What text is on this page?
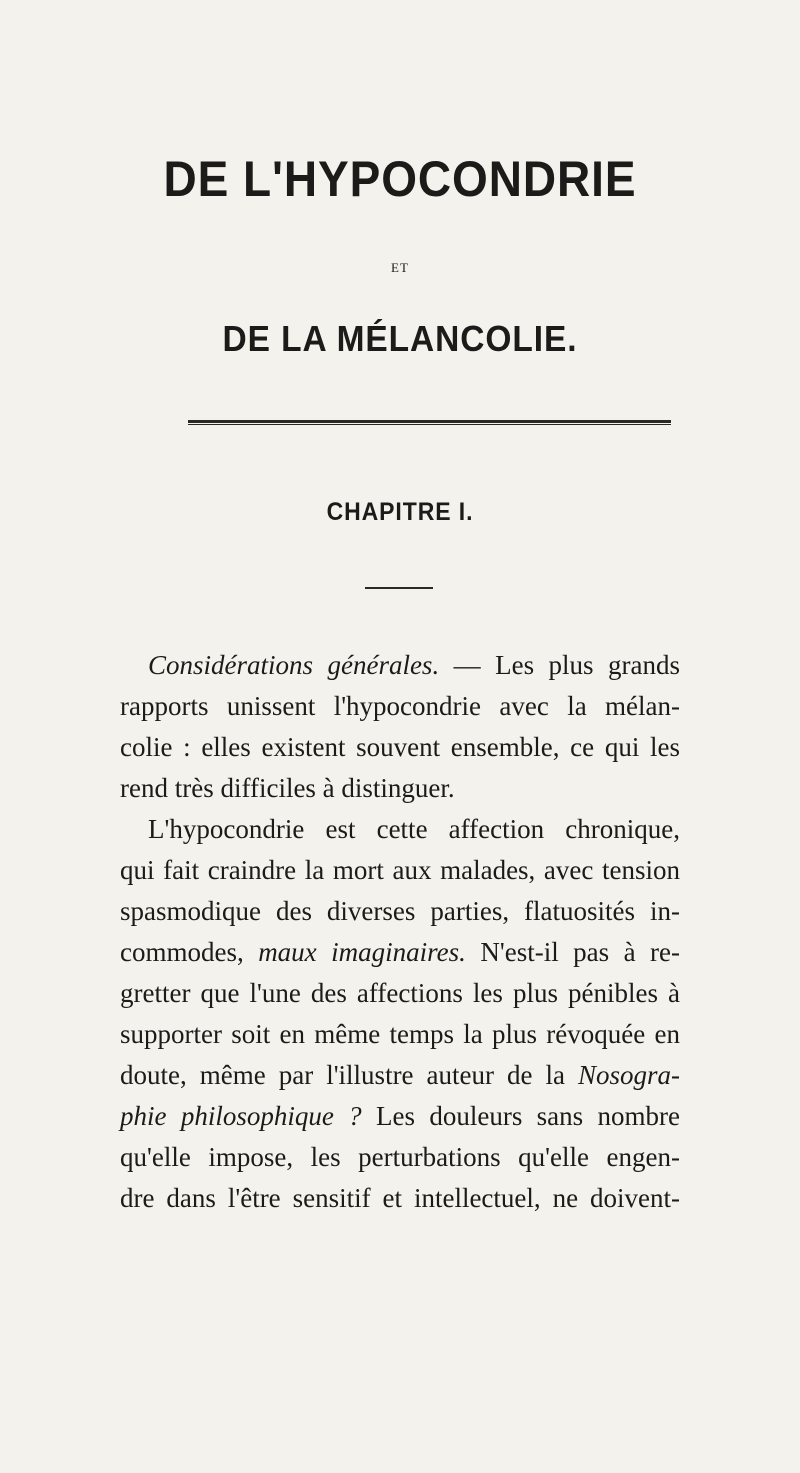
DE L'HYPOCONDRIE
ET
DE LA MÉLANCOLIE.
CHAPITRE I.
Considérations générales. — Les plus grands
rapports unissent l'hypocondrie avec la mélan-
colie : elles existent souvent ensemble, ce qui les
rend très difficiles à distinguer.
L'hypocondrie est cette affection chronique,
qui fait craindre la mort aux malades, avec tension
spasmodique des diverses parties, flatuosités in-
commodes, maux imaginaires. N'est-il pas à re-
gretter que l'une des affections les plus pénibles à
supporter soit en même temps la plus révoquée en
doute, même par l'illustre auteur de la Nosogra-
phie philosophique ? Les douleurs sans nombre
qu'elle impose, les perturbations qu'elle engen-
dre dans l'être sensitif et intellectuel, ne doivent-
